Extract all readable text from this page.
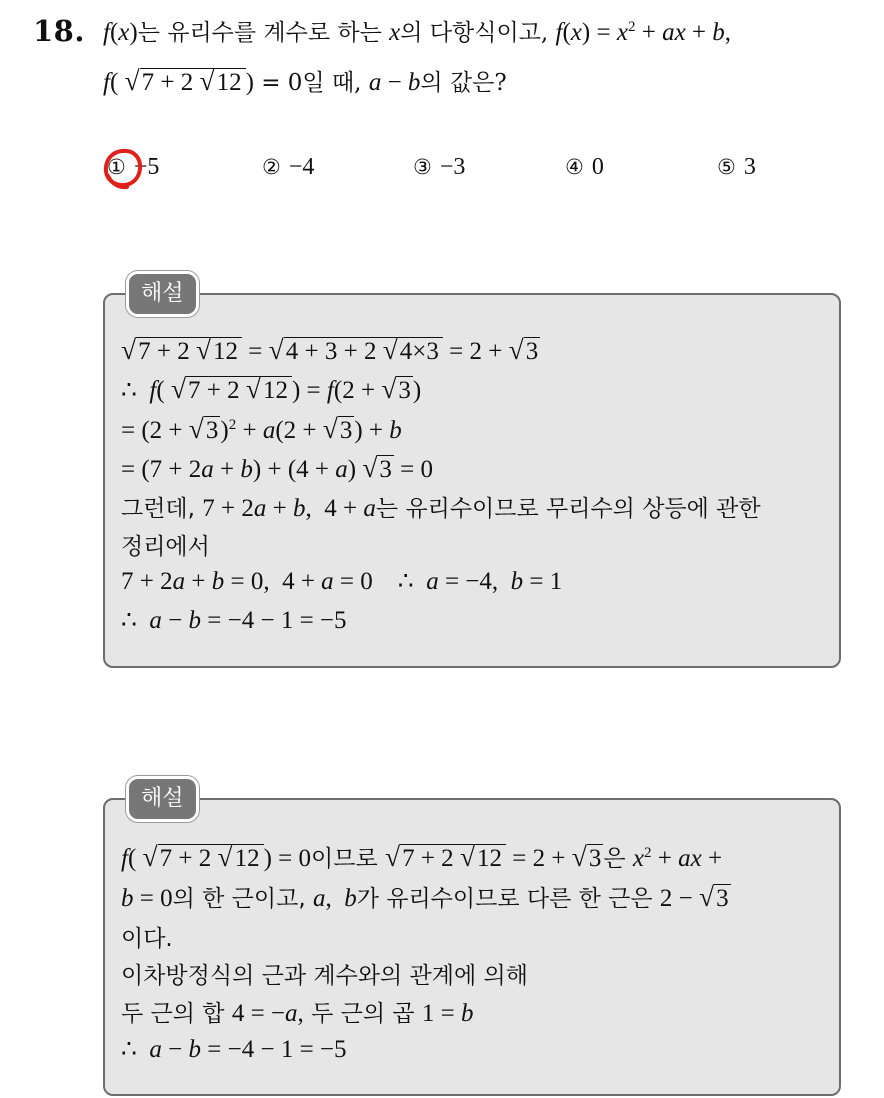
18. f(x)는 유리수를 계수로 하는 x의 다항식이고, $f(x) = x^2$ + ax + b,
f( √7 + 2 √12 ) = 0일 때, a − b의 값은?
① −5	② −4	③ −3	④ 0	⑤ 3
해설
√7 + 2 √12 = √4 + 3 + 2 √4×3 = 2 + √3
∴  f( √7 + 2 √12 ) = f(2 + √3)
= $(2 + √3)^2 + a(2 + √3) + b$
= (7 + 2a + b) + (4 + a) √3 = 0
그런데, 7 + 2a + b,  4 + a는 유리수이므로 무리수의 상등에 관한
정리에서
7 + 2a + b = 0,  4 + a = 0    ∴  a = −4,  b = 1
∴  a − b = −4 − 1 = −5
해설
f( √7 + 2 √12 ) = 0이므로 √7 + 2 √12 = 2 + √3은 $x^2$ + ax +
b = 0의 한 근이고, a,  b가 유리수이므로 다른 한 근은 2 − √3
이다.
이차방정식의 근과 계수와의 관계에 의해
두 근의 합 4 = −a, 두 근의 곱 1 = b
∴  a − b = −4 − 1 = −5
